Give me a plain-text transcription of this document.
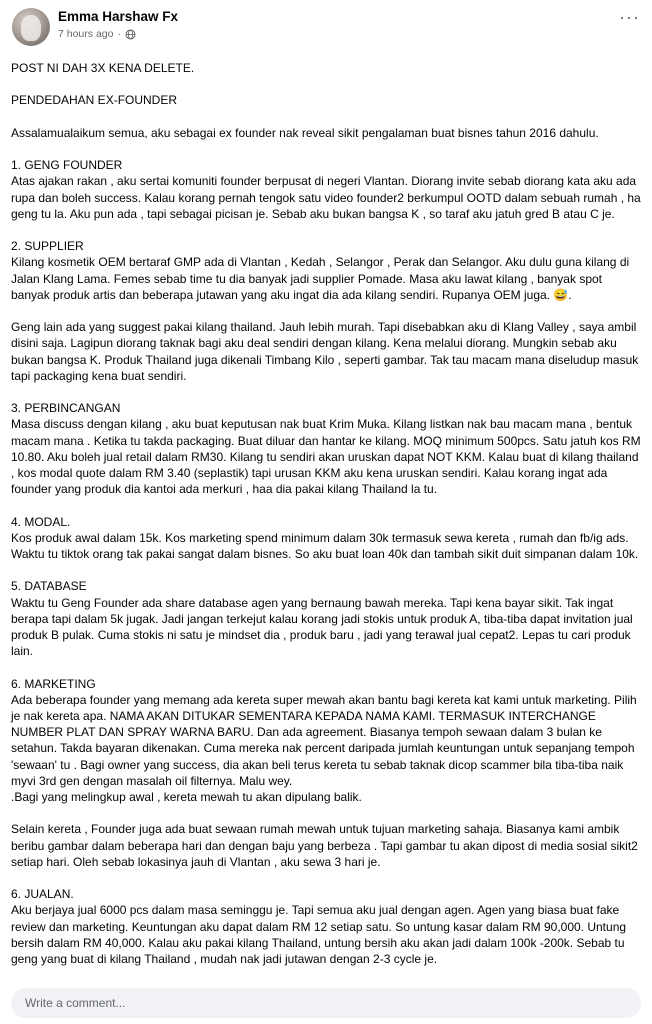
Emma Harshaw Fx
7 hours ago ·
···

POST NI DAH 3X KENA DELETE.

PENDEDAHAN EX-FOUNDER

Assalamualaikum semua, aku sebagai ex founder nak reveal sikit pengalaman buat bisnes tahun 2016 dahulu.

1. GENG FOUNDER
Atas ajakan rakan , aku sertai komuniti founder berpusat di negeri Vlantan. Diorang invite sebab diorang kata aku ada rupa dan boleh success. Kalau korang pernah tengok satu video founder2 berkumpul OOTD dalam sebuah rumah , ha geng tu la. Aku pun ada , tapi sebagai picisan je. Sebab aku bukan bangsa K , so taraf aku jatuh gred B atau C je.

2. SUPPLIER
Kilang kosmetik OEM bertaraf GMP ada di Vlantan , Kedah , Selangor , Perak dan Selangor. Aku dulu guna kilang di Jalan Klang Lama. Femes sebab time tu dia banyak jadi supplier Pomade. Masa aku lawat kilang , banyak spot banyak produk artis dan beberapa jutawan yang aku ingat dia ada kilang sendiri. Rupanya OEM juga. 😅.

Geng lain ada yang suggest pakai kilang thailand. Jauh lebih murah. Tapi disebabkan aku di Klang Valley , saya ambil disini saja. Lagipun diorang taknak bagi aku deal sendiri dengan kilang. Kena melalui diorang. Mungkin sebab aku bukan bangsa K. Produk Thailand juga dikenali Timbang Kilo , seperti gambar. Tak tau macam mana diseludup masuk tapi packaging kena buat sendiri.

3. PERBINCANGAN
Masa discuss dengan kilang , aku buat keputusan nak buat Krim Muka. Kilang listkan nak bau macam mana , bentuk macam mana . Ketika tu takda packaging. Buat diluar dan hantar ke kilang. MOQ minimum 500pcs. Satu jatuh kos RM 10.80. Aku boleh jual retail dalam RM30. Kilang tu sendiri akan uruskan dapat NOT KKM. Kalau buat di kilang thailand , kos modal quote dalam RM 3.40 (seplastik) tapi urusan KKM aku kena uruskan sendiri. Kalau korang ingat ada founder yang produk dia kantoi ada merkuri , haa dia pakai kilang Thailand la tu.

4. MODAL.
Kos produk awal dalam 15k. Kos marketing spend minimum dalam 30k termasuk sewa kereta , rumah dan fb/ig ads. Waktu tu tiktok orang tak pakai sangat dalam bisnes. So aku buat loan 40k dan tambah sikit duit simpanan dalam 10k.

5. DATABASE
Waktu tu Geng Founder ada share database agen yang bernaung bawah mereka. Tapi kena bayar sikit. Tak ingat berapa tapi dalam 5k jugak. Jadi jangan terkejut kalau korang jadi stokis untuk produk A, tiba-tiba dapat invitation jual produk B pulak. Cuma stokis ni satu je mindset dia , produk baru , jadi yang terawal jual cepat2. Lepas tu cari produk lain.

6. MARKETING
Ada beberapa founder yang memang ada kereta super mewah akan bantu bagi kereta kat kami untuk marketing. Pilih je nak kereta apa. NAMA AKAN DITUKAR SEMENTARA KEPADA NAMA KAMI. TERMASUK INTERCHANGE NUMBER PLAT DAN SPRAY WARNA BARU. Dan ada agreement. Biasanya tempoh sewaan dalam 3 bulan ke setahun. Takda bayaran dikenakan. Cuma mereka nak percent daripada jumlah keuntungan untuk sepanjang tempoh 'sewaan' tu . Bagi owner yang success, dia akan beli terus kereta tu sebab taknak dicop scammer bila tiba-tiba naik myvi 3rd gen dengan masalah oil filternya. Malu wey.
.Bagi yang melingkup awal , kereta mewah tu akan dipulang balik.

Selain kereta , Founder juga ada buat sewaan rumah mewah untuk tujuan marketing sahaja. Biasanya kami ambik beribu gambar dalam beberapa hari dan dengan baju yang berbeza . Tapi gambar tu akan dipost di media sosial sikit2 setiap hari. Oleh sebab lokasinya jauh di Vlantan , aku sewa 3 hari je.

6. JUALAN.
Aku berjaya jual 6000 pcs dalam masa seminggu je. Tapi semua aku jual dengan agen. Agen yang biasa buat fake review dan marketing. Keuntungan aku dapat dalam RM 12 setiap satu. So untung kasar dalam RM 90,000. Untung bersih dalam RM 40,000. Kalau aku pakai kilang Thailand, untung bersih aku akan jadi dalam 100k -200k. Sebab tu geng yang buat di kilang Thailand , mudah nak jadi jutawan dengan 2-3 cycle je.

Write a comment...
